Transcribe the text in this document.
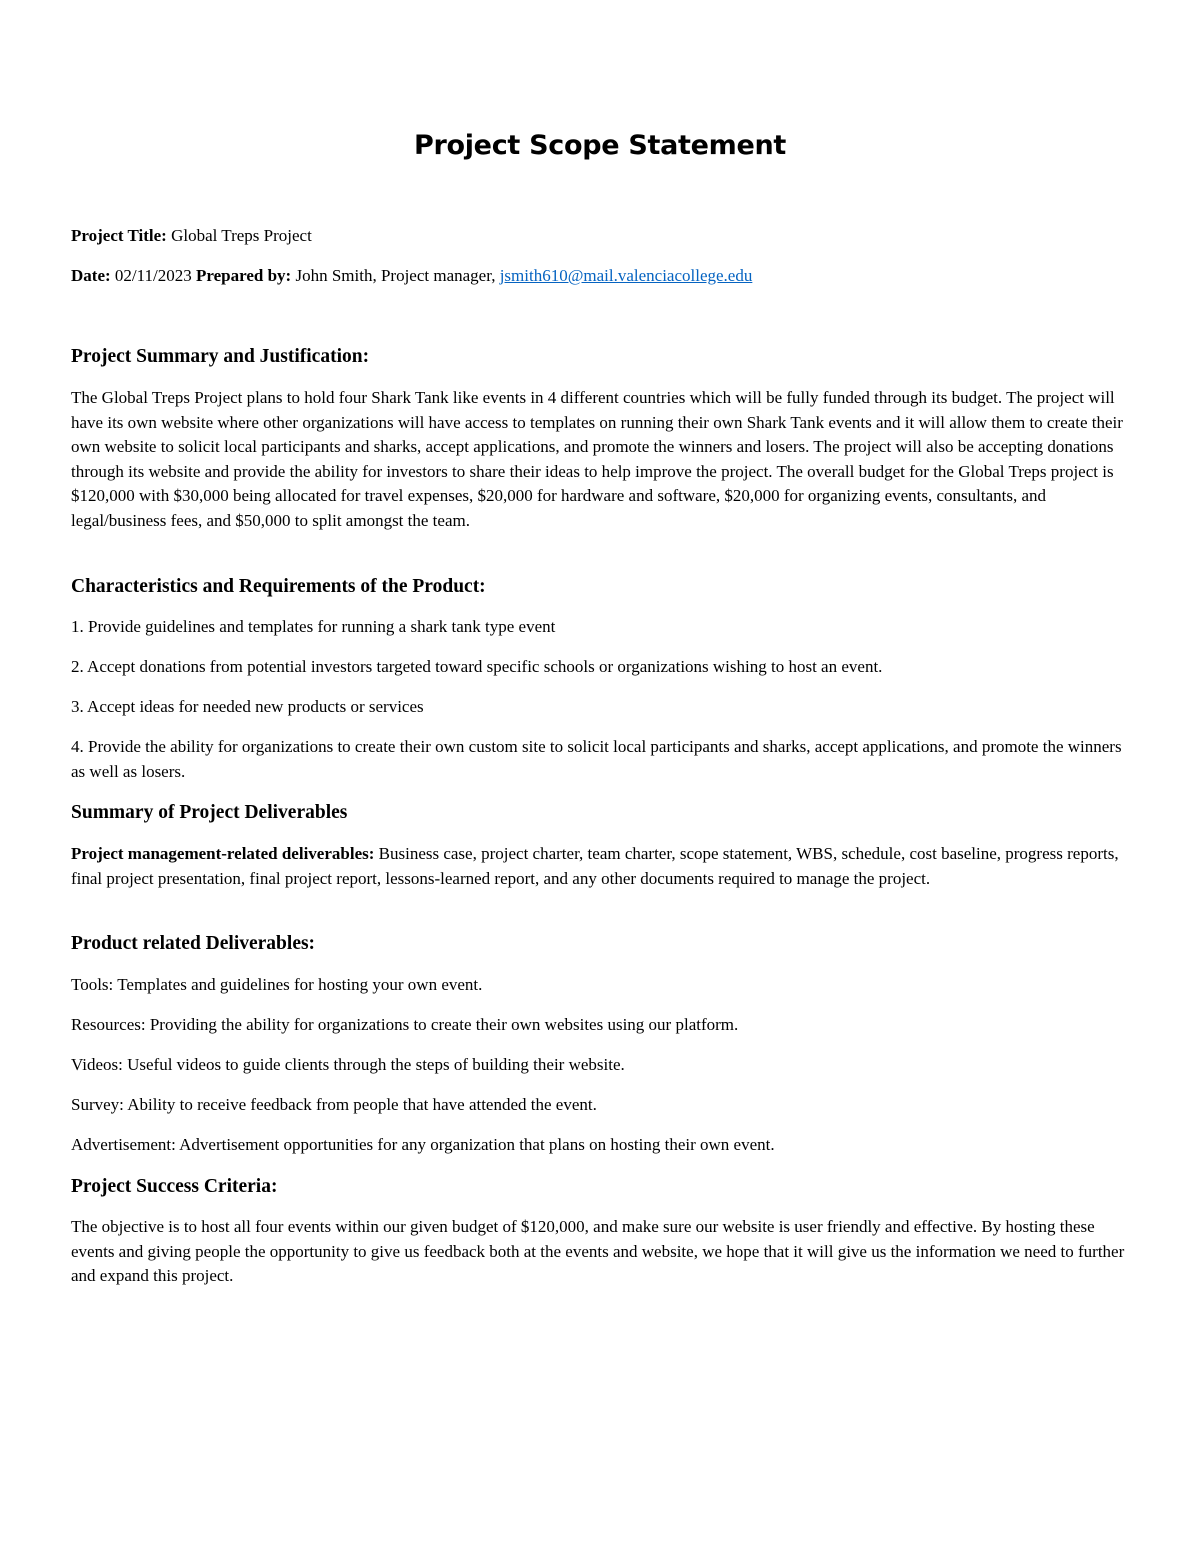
Project Scope Statement
Project Title: Global Treps Project
Date: 02/11/2023 Prepared by: John Smith, Project manager, jsmith610@mail.valenciacollege.edu
Project Summary and Justification:
The Global Treps Project plans to hold four Shark Tank like events in 4 different countries which will be fully funded through its budget. The project will have its own website where other organizations will have access to templates on running their own Shark Tank events and it will allow them to create their own website to solicit local participants and sharks, accept applications, and promote the winners and losers. The project will also be accepting donations through its website and provide the ability for investors to share their ideas to help improve the project. The overall budget for the Global Treps project is $120,000 with $30,000 being allocated for travel expenses, $20,000 for hardware and software, $20,000 for organizing events, consultants, and legal/business fees, and $50,000 to split amongst the team.
Characteristics and Requirements of the Product:
1. Provide guidelines and templates for running a shark tank type event
2. Accept donations from potential investors targeted toward specific schools or organizations wishing to host an event.
3. Accept ideas for needed new products or services
4. Provide the ability for organizations to create their own custom site to solicit local participants and sharks, accept applications, and promote the winners as well as losers.
Summary of Project Deliverables
Project management-related deliverables: Business case, project charter, team charter, scope statement, WBS, schedule, cost baseline, progress reports, final project presentation, final project report, lessons-learned report, and any other documents required to manage the project.
Product related Deliverables:
Tools: Templates and guidelines for hosting your own event.
Resources: Providing the ability for organizations to create their own websites using our platform.
Videos: Useful videos to guide clients through the steps of building their website.
Survey: Ability to receive feedback from people that have attended the event.
Advertisement: Advertisement opportunities for any organization that plans on hosting their own event.
Project Success Criteria:
The objective is to host all four events within our given budget of $120,000, and make sure our website is user friendly and effective. By hosting these events and giving people the opportunity to give us feedback both at the events and website, we hope that it will give us the information we need to further and expand this project.
